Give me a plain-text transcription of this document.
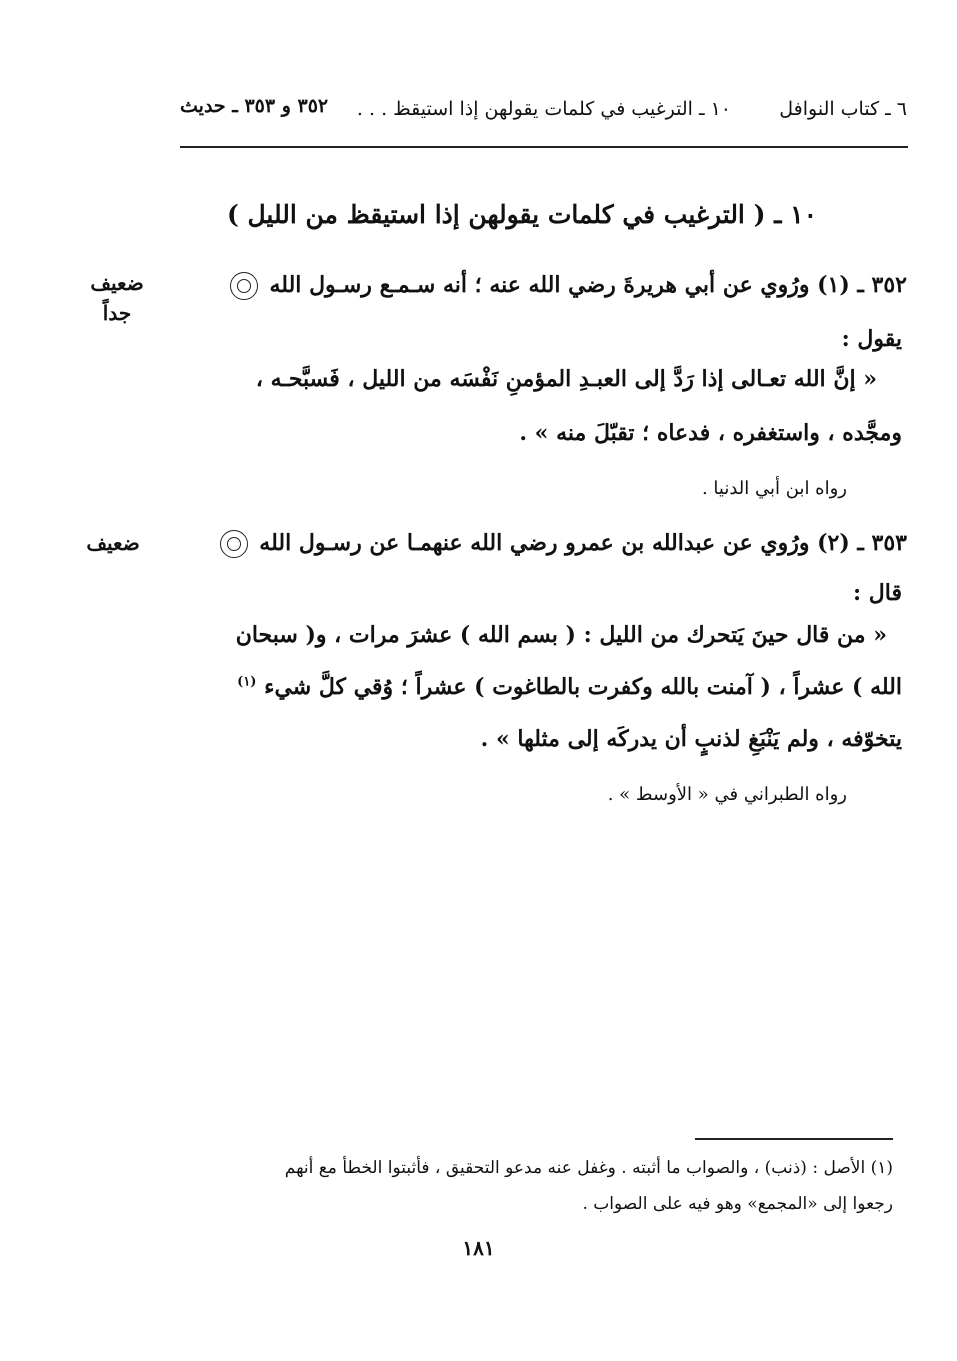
٦ ـ كتاب النوافل
١٠ ـ الترغيب في كلمات يقولهن إذا استيقظ . . .
٣٥٢ و ٣٥٣ ـ حديث
١٠ ـ ( الترغيب في كلمات يقولهن إذا استيقظ من الليل )
ضعيف
جداً
٣٥٢ ـ (١) ورُوي عن أبي هريرةَ رضي الله عنه ؛ أنه سـمـع رسـول الله
يقول :
« إنَّ الله تعـالى إذا رَدَّ إلى العبـدِ المؤمنِ نَفْسَه من الليل ، فَسبَّحـه ،
ومجَّده ، واستغفره ، فدعاه ؛ تقبّلَ منه » .
رواه ابن أبي الدنيا .
ضعيف	٣٥٣ ـ (٢) ورُوي عن عبدالله بن عمرو رضي الله عنهمـا عن رسـول الله
قال :
« من قال حينَ يَتحرك من الليل : ( بسم الله ) عشرَ مرات ، و( سبحان
الله ) عشراً ، ( آمنت بالله وكفرت بالطاغوت ) عشراً ؛ وُقي كلَّ شيء $^{(١)}$
يتخوّفه ، ولم يَنْبَغِ لذنبٍ أن يدركَه إلى مثلها » .
رواه الطبراني في « الأوسط » .
(١) الأصل : (ذنب) ، والصواب ما أثبته . وغفل عنه مدعو التحقيق ، فأثبتوا الخطأ مع أنهم
رجعوا إلى «المجمع» وهو فيه على الصواب .
١٨١
